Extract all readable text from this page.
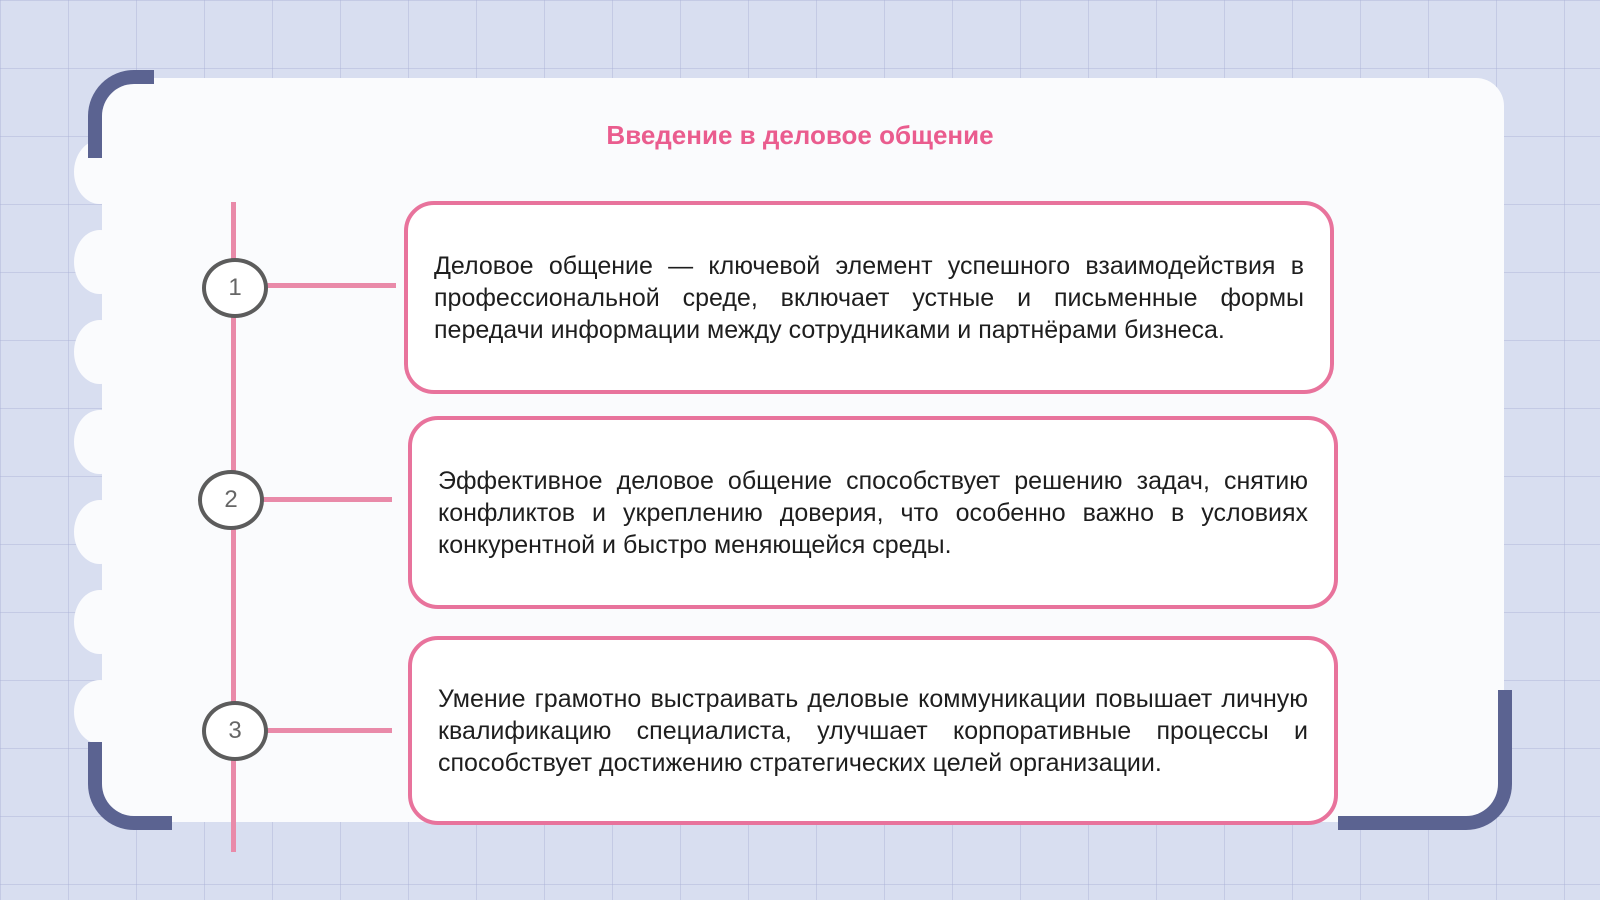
Введение в деловое общение
1
2
3

Деловое общение — ключевой элемент успешного взаимодействия в профессиональной среде, включает устные и письменные формы передачи информации между сотрудниками и партнёрами бизнеса.

Эффективное деловое общение способствует решению задач, снятию конфликтов и укреплению доверия, что особенно важно в условиях конкурентной и быстро меняющейся среды.

Умение грамотно выстраивать деловые коммуникации повышает личную квалификацию специалиста, улучшает корпоративные процессы и способствует достижению стратегических целей организации.
